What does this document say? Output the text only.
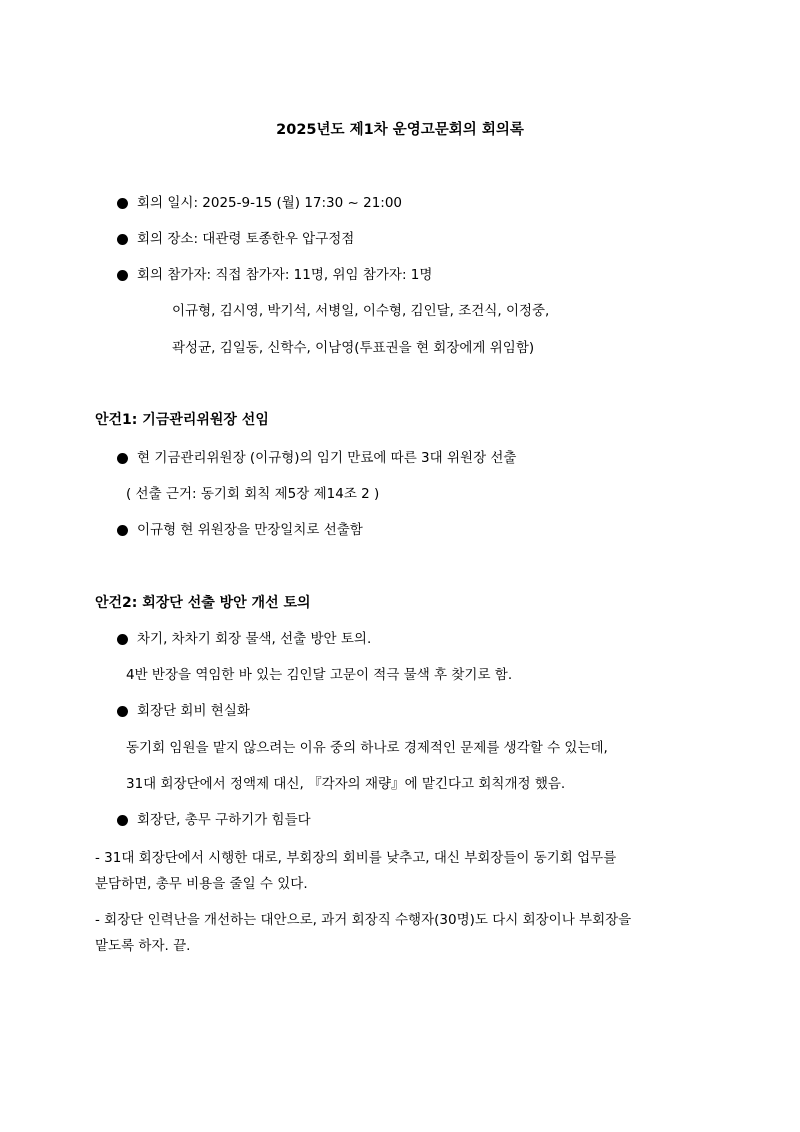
2025년도 제1차 운영고문회의 회의록
회의 일시: 2025-9-15 (월) 17:30 ~ 21:00
회의 장소: 대관령 토종한우 압구정점
회의 참가자: 직접 참가자: 11명, 위임 참가자: 1명
이규형, 김시영, 박기석, 서병일, 이수형, 김인달, 조건식, 이정중,
곽성균, 김일동, 신학수, 이남영(투표권을 현 회장에게 위임함)
안건1: 기금관리위원장 선임
현 기금관리위원장 (이규형)의 임기 만료에 따른 3대 위원장 선출
( 선출 근거: 동기회 회칙 제5장 제14조 2 )
이규형 현 위원장을 만장일치로 선출함
안건2: 회장단 선출 방안 개선 토의
차기, 차차기 회장 물색, 선출 방안 토의.
4반 반장을 역임한 바 있는 김인달 고문이 적극 물색 후 찾기로 함.
회장단 회비 현실화
동기회 임원을 맡지 않으려는 이유 중의 하나로 경제적인 문제를 생각할 수 있는데,
31대 회장단에서 정액제 대신, 『각자의 재량』에 맡긴다고 회칙개정 했음.
회장단, 총무 구하기가 힘들다
- 31대 회장단에서 시행한 대로, 부회장의 회비를 낮추고, 대신 부회장들이 동기회 업무를
분담하면, 총무 비용을 줄일 수 있다.
- 회장단 인력난을 개선하는 대안으로, 과거 회장직 수행자(30명)도 다시 회장이나 부회장을
맡도록 하자. 끝.
